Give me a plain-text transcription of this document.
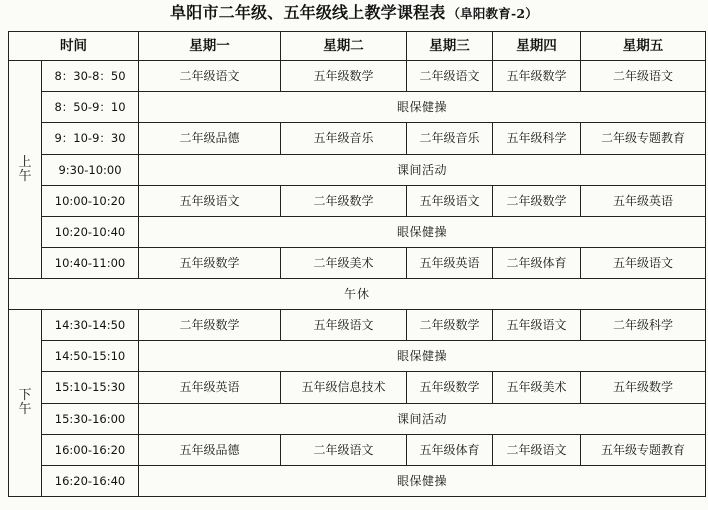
阜阳市二年级、五年级线上教学课程表 （阜阳教育-2）
时间		星期一	星期二	星期三	星期四	星期五

上
午	8：30-8：50	二年级语文	五年级数学	二年级语文	五年级数学	二年级语文
	8：50-9：10	眼保健操				
	9：10-9：30	二年级品德	五年级音乐	二年级音乐	五年级科学	二年级专题教育
	9:30-10:00	课间活动				
	10:00-10:20	五年级语文	二年级数学	五年级语文	二年级数学	五年级英语
	10:20-10:40	眼保健操				
	10:40-11:00	五年级数学	二年级美术	五年级英语	二年级体育	五年级语文
午休						

下
午	14:30-14:50	二年级数学	五年级语文	二年级数学	五年级语文	二年级科学
	14:50-15:10	眼保健操				
	15:10-15:30	五年级英语	五年级信息技术	五年级数学	五年级美术	五年级数学
	15:30-16:00	课间活动				
	16:00-16:20	五年级品德	二年级语文	五年级体育	二年级语文	五年级专题教育
	16:20-16:40	眼保健操				
